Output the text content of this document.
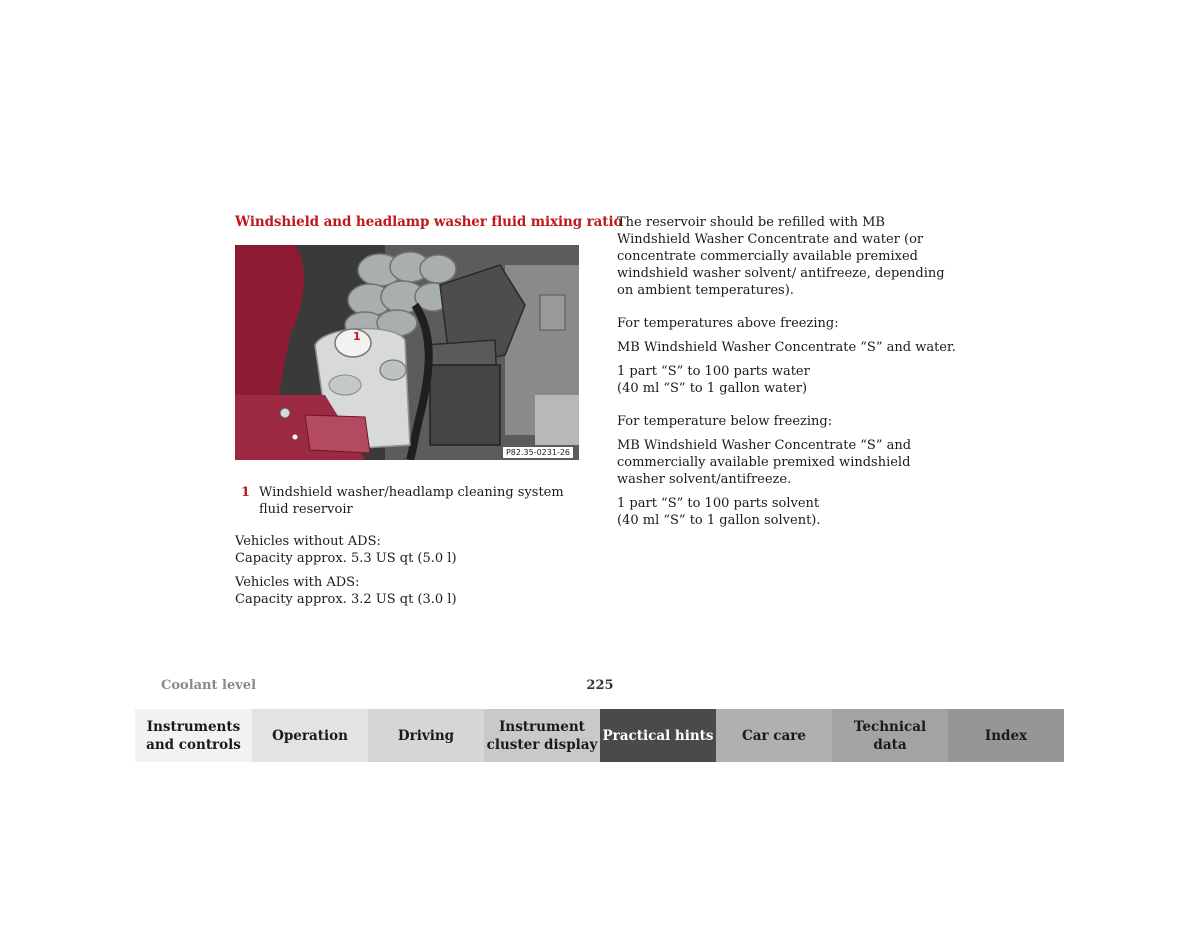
Windshield and headlamp washer fluid mixing ratio
1
P82.35-0231-26
1 Windshield washer/headlamp cleaning system fluid reservoir
Vehicles without ADS:
Capacity approx. 5.3 US qt (5.0 l)
Vehicles with ADS:
Capacity approx. 3.2 US qt (3.0 l)
The reservoir should be refilled with MB Windshield Washer Concentrate and water (or concentrate commercially available premixed windshield washer solvent/ antifreeze, depending on ambient temperatures).
For temperatures above freezing:
MB Windshield Washer Concentrate “S” and water.
1 part “S” to 100 parts water
(40 ml “S” to 1 gallon water)
For temperature below freezing:
MB Windshield Washer Concentrate “S” and commercially available premixed windshield washer solvent/antifreeze.
1 part “S” to 100 parts solvent
(40 ml “S” to 1 gallon solvent).
Coolant level	225
Instruments
and controls
Operation	Driving
Instrument
cluster display
Practical hints Car care
Technical
data
Index
